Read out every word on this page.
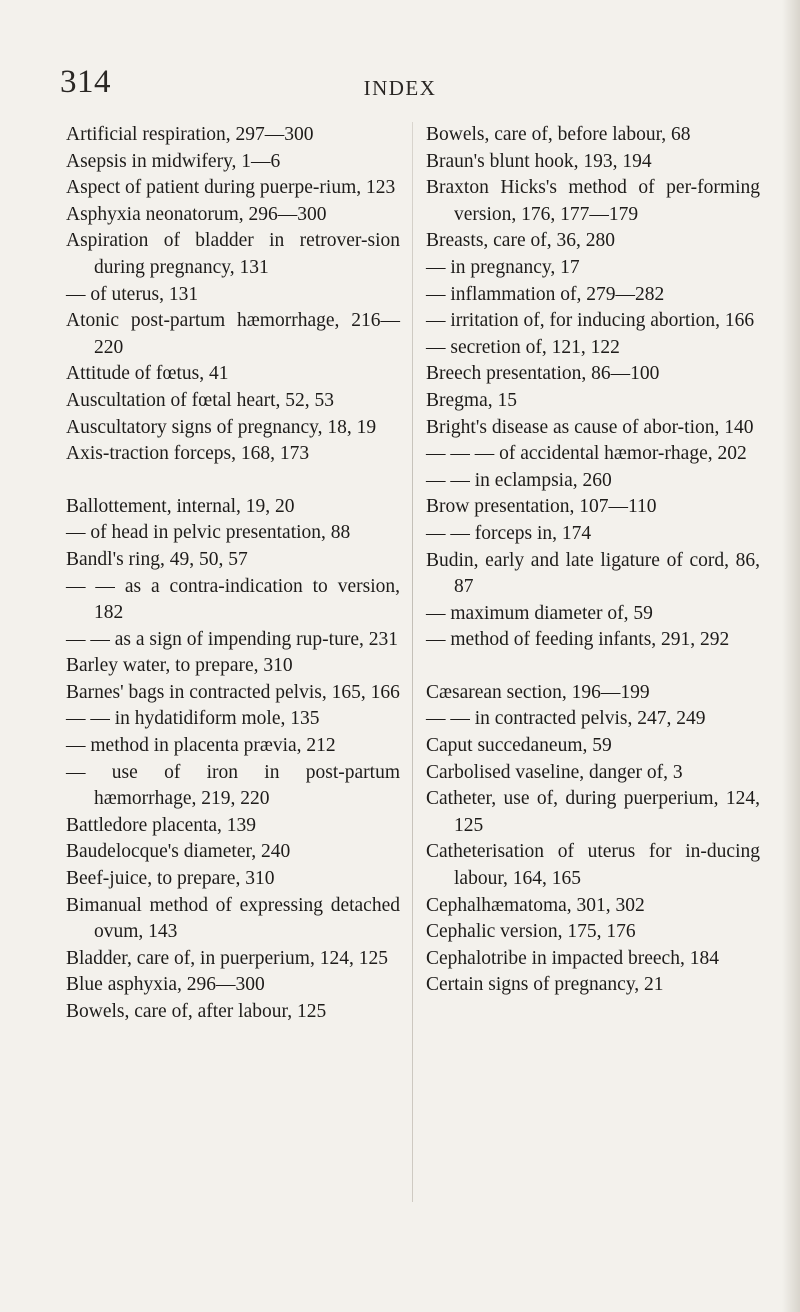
314	INDEX
Artificial respiration, 297—300
Asepsis in midwifery, 1—6
Aspect of patient during puerpe-rium, 123
Asphyxia neonatorum, 296—300
Aspiration of bladder in retrover-sion during pregnancy, 131
— of uterus, 131
Atonic post-partum hæmorrhage, 216—220
Attitude of fœtus, 41
Auscultation of fœtal heart, 52, 53
Auscultatory signs of pregnancy, 18, 19
Axis-traction forceps, 168, 173
Ballottement, internal, 19, 20
— of head in pelvic presentation, 88
Bandl's ring, 49, 50, 57
— — as a contra-indication to version, 182
— — as a sign of impending rup-ture, 231
Barley water, to prepare, 310
Barnes' bags in contracted pelvis, 165, 166
— — in hydatidiform mole, 135
— method in placenta prævia, 212
— use of iron in post-partum hæmorrhage, 219, 220
Battledore placenta, 139
Baudelocque's diameter, 240
Beef-juice, to prepare, 310
Bimanual method of expressing detached ovum, 143
Bladder, care of, in puerperium, 124, 125
Blue asphyxia, 296—300
Bowels, care of, after labour, 125
Bowels, care of, before labour, 68
Braun's blunt hook, 193, 194
Braxton Hicks's method of per-forming version, 176, 177—179
Breasts, care of, 36, 280
— in pregnancy, 17
— inflammation of, 279—282
— irritation of, for inducing abortion, 166
— secretion of, 121, 122
Breech presentation, 86—100
Bregma, 15
Bright's disease as cause of abor-tion, 140
— — — of accidental hæmor-rhage, 202
— — in eclampsia, 260
Brow presentation, 107—110
— — forceps in, 174
Budin, early and late ligature of cord, 86, 87
— maximum diameter of, 59
— method of feeding infants, 291, 292
Cæsarean section, 196—199
— — in contracted pelvis, 247, 249
Caput succedaneum, 59
Carbolised vaseline, danger of, 3
Catheter, use of, during puerperium, 124, 125
Catheterisation of uterus for in-ducing labour, 164, 165
Cephalhæmatoma, 301, 302
Cephalic version, 175, 176
Cephalotribe in impacted breech, 184
Certain signs of pregnancy, 21
